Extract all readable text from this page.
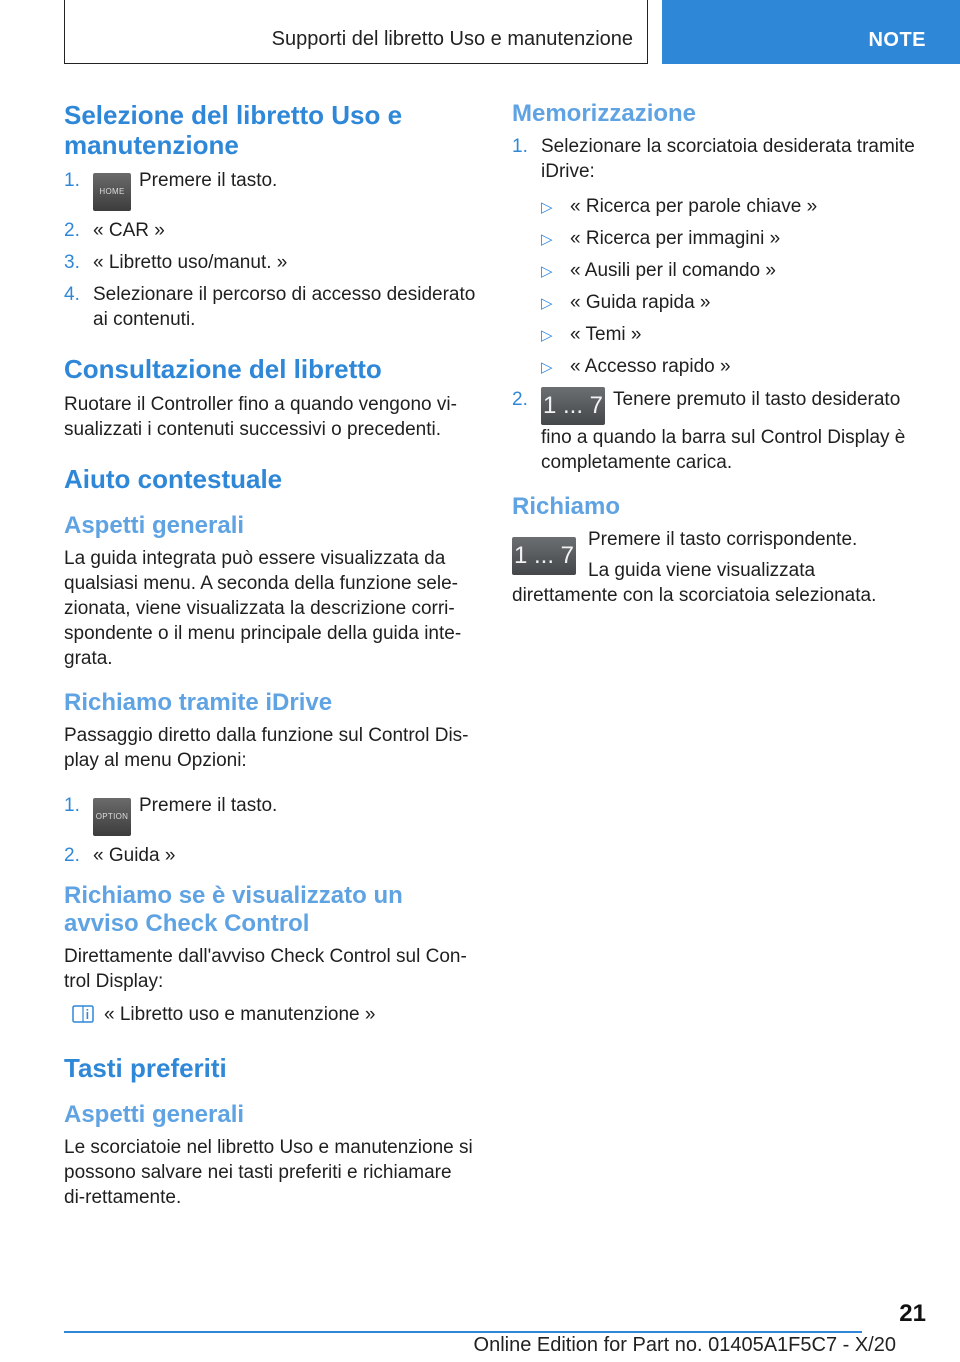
Supporti del libretto Uso e manutenzione	NOTE
Selezione del libretto Uso e manutenzione
1.
HOMEPremere il tasto.
2. « CAR »
3. « Libretto uso/manut. »
4. Selezionare il percorso di accesso desiderato ai contenuti.
Consultazione del libretto

Ruotare il Controller fino a quando vengono vi-sualizzati i contenuti successivi o precedenti.

Aiuto contestuale
Aspetti generali

La guida integrata può essere visualizzata da qualsiasi menu. A seconda della funzione sele-zionata, viene visualizzata la descrizione corri-spondente o il menu principale della guida inte-grata.

Richiamo tramite iDrive

Passaggio diretto dalla funzione sul Control Dis-play al menu Opzioni:

1.
OPTIONPremere il tasto.
2. « Guida »
Richiamo se è visualizzato un avviso Check Control

Direttamente dall'avviso Check Control sul Con-trol Display:

« Libretto uso e manutenzione »

Tasti preferiti
Aspetti generali

Le scorciatoie nel libretto Uso e manutenzione si possono salvare nei tasti preferiti e richiamare di-rettamente.

Memorizzazione
1. Selezionare la scorciatoia desiderata tramite iDrive:
▷ « Ricerca per parole chiave »
▷ « Ricerca per immagini »
▷ « Ausili per il comando »
▷ « Guida rapida »
▷ « Temi »
▷ « Accesso rapido »
2. 1 ... 7 Tenere premuto il tasto desiderato fino a quando la barra sul Control Display è completamente carica.
Richiamo
1 ... 7

Premere il tasto corrispondente.

La guida viene visualizzata direttamente con la scorciatoia selezionata.

21
Online Edition for Part no. 01405A1F5C7 - X/20
